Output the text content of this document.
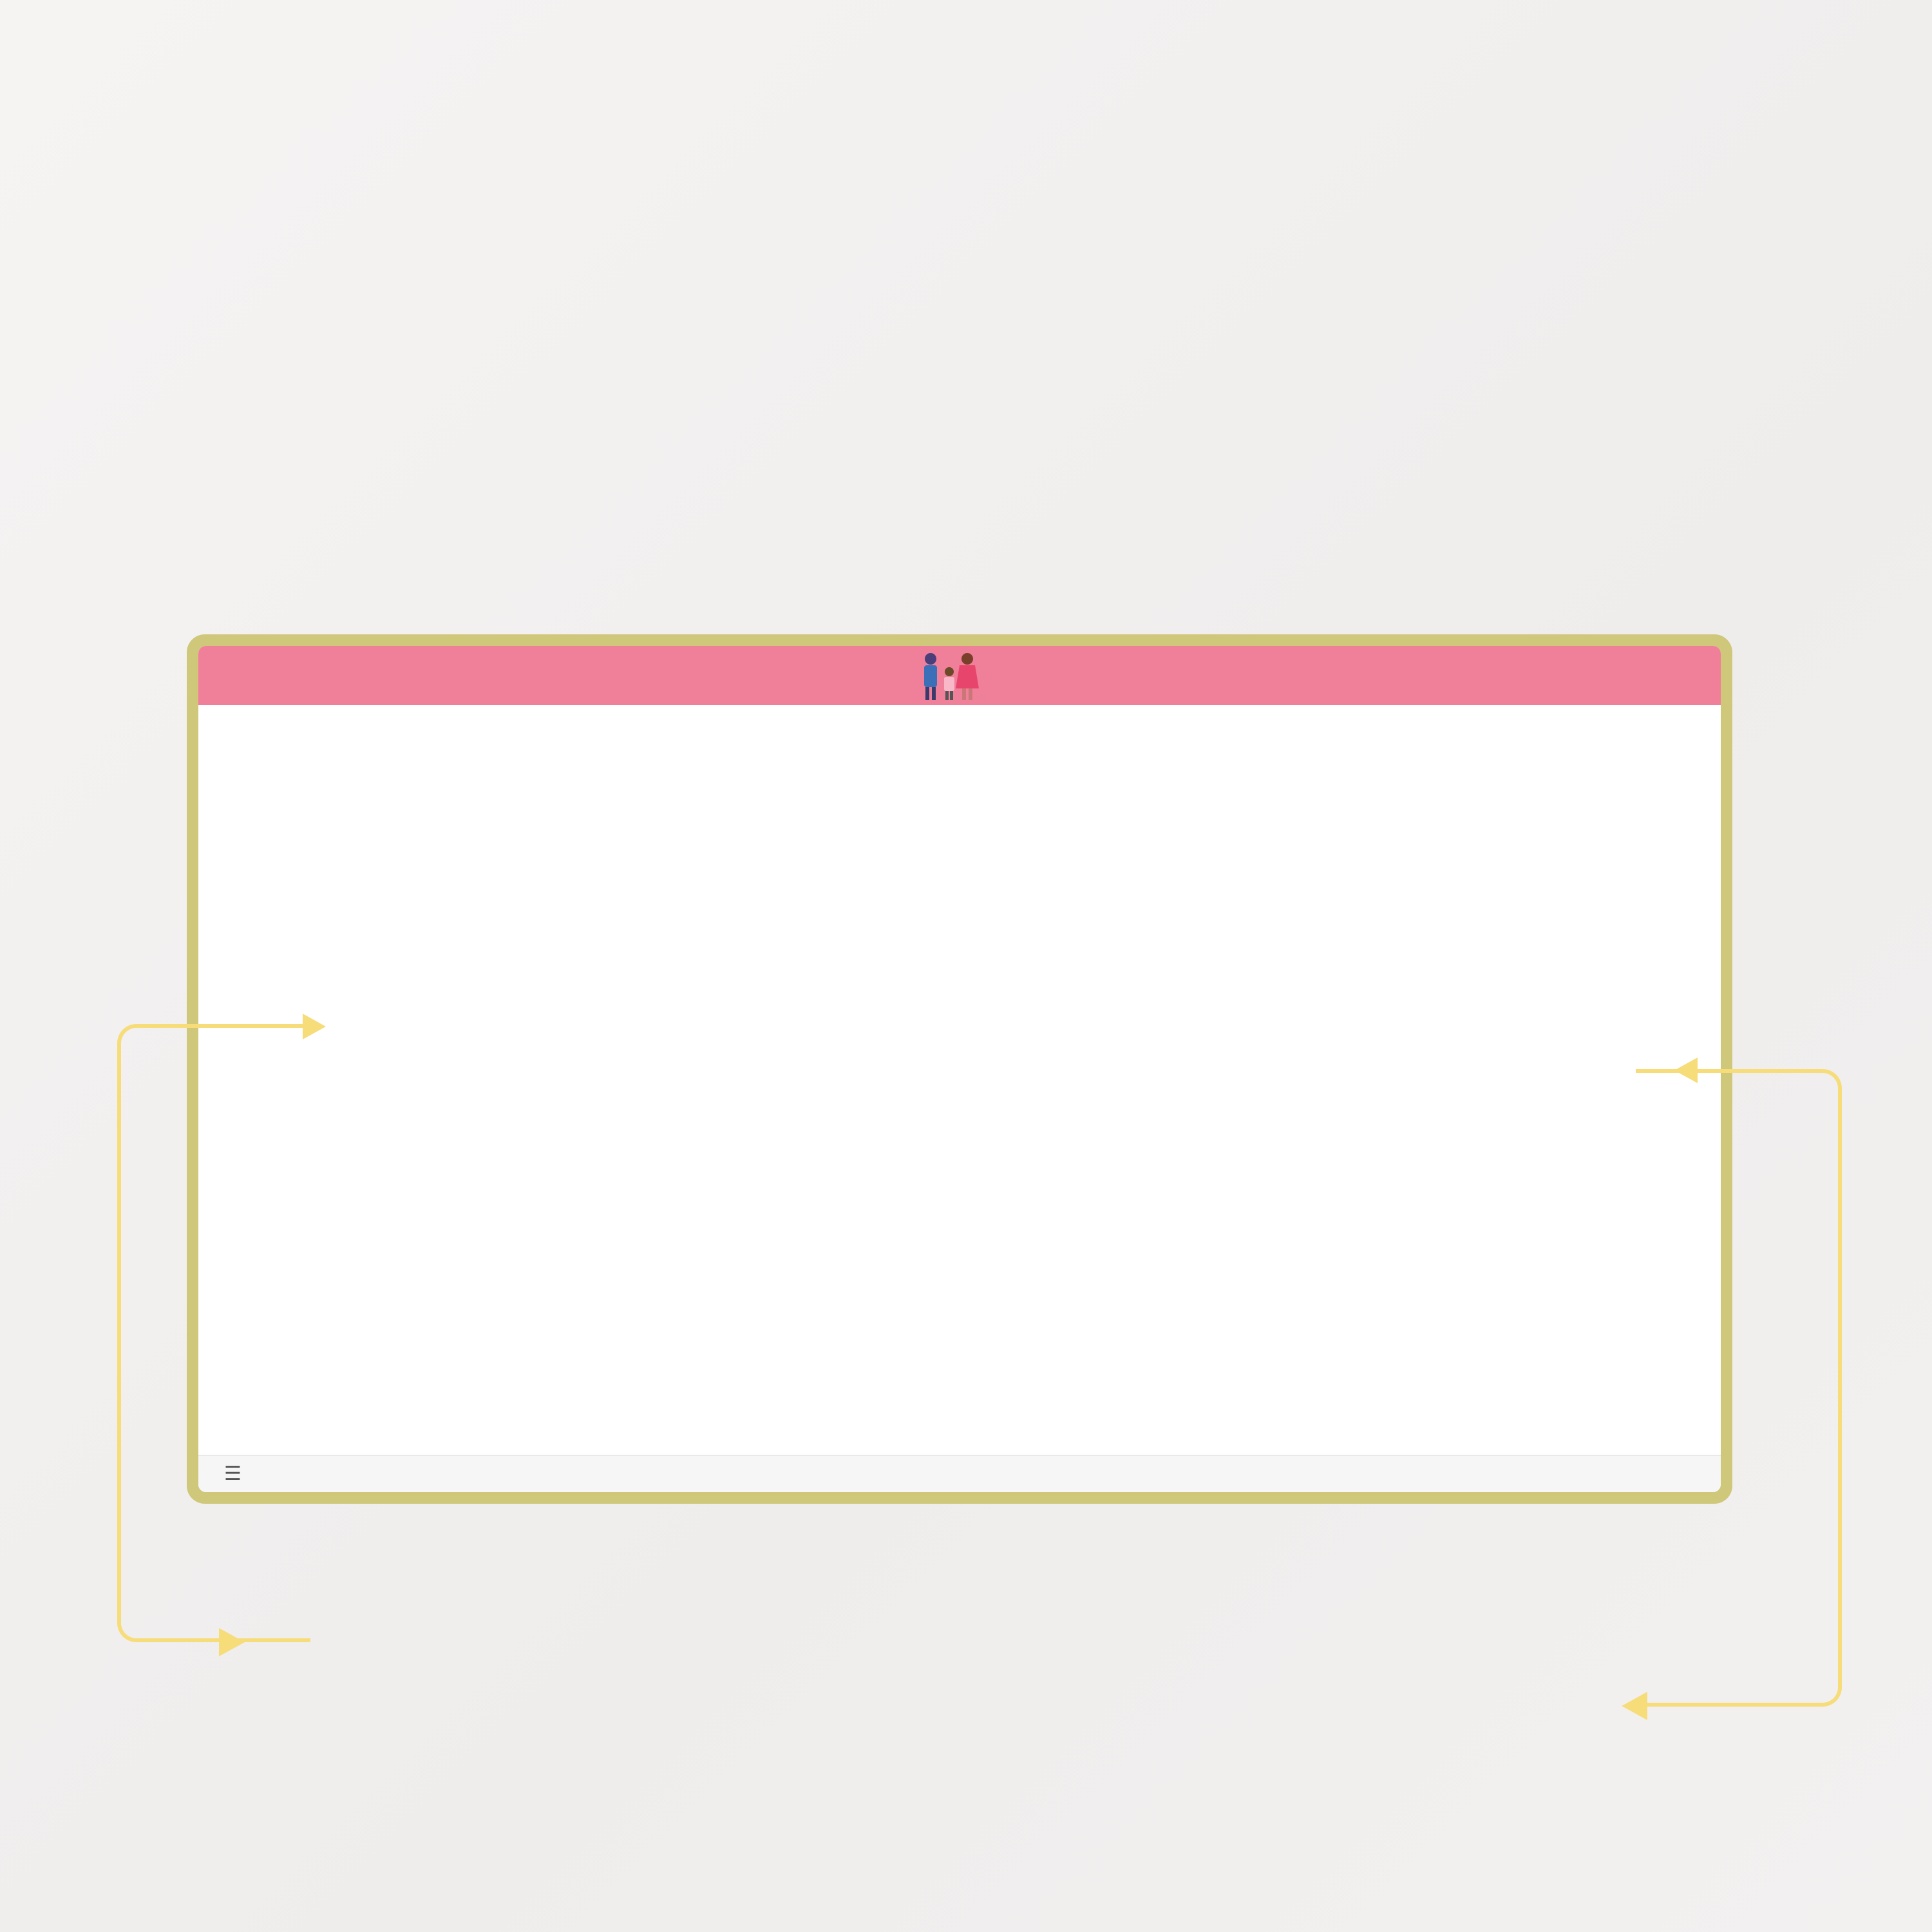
☰
